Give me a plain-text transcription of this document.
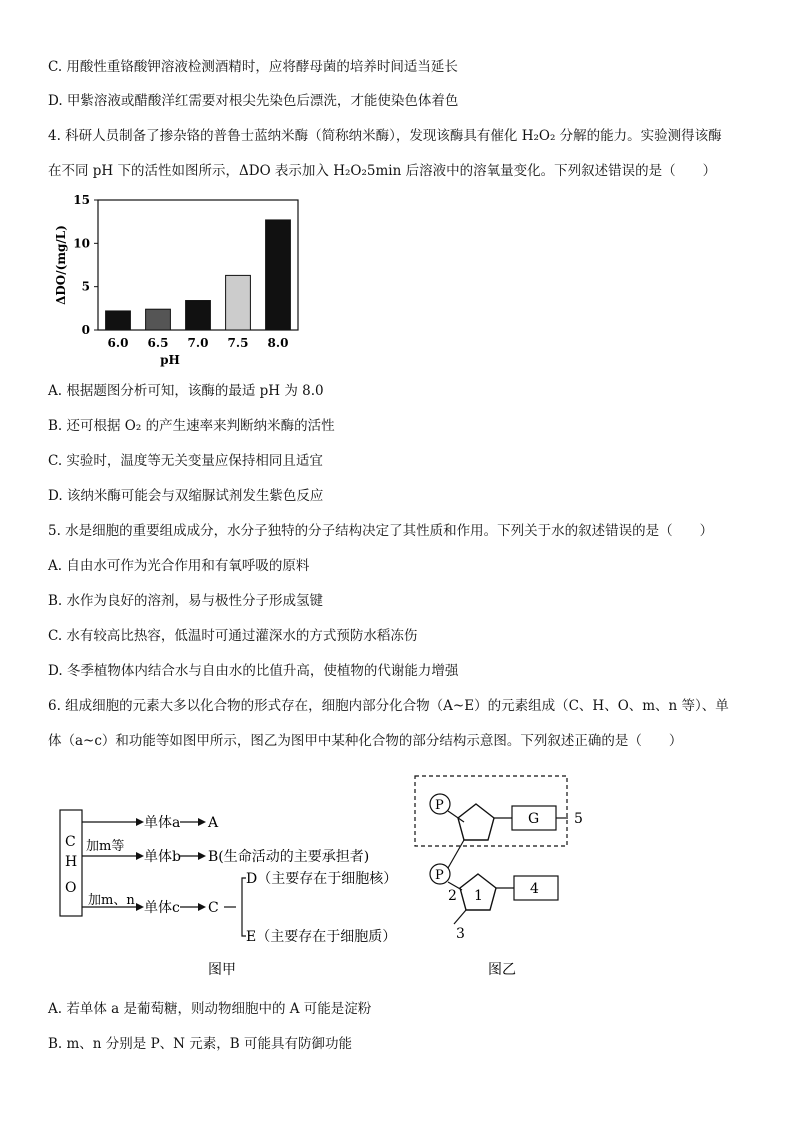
C. 用酸性重铬酸钾溶液检测酒精时，应将酵母菌的培养时间适当延长
D. 甲紫溶液或醋酸洋红需要对根尖先染色后漂洗，才能使染色体着色
4. 科研人员制备了掺杂铬的普鲁士蓝纳米酶（简称纳米酶），发现该酶具有催化 H₂O₂ 分解的能力。实验测得该酶
在不同 pH 下的活性如图所示，ΔDO 表示加入 H₂O₂5min 后溶液中的溶氧量变化。下列叙述错误的是（　　）
0
5
10
15
6.0 6.5 7.0 7.5 8.0
pH
ΔDO/(mg/L)
A. 根据题图分析可知，该酶的最适 pH 为 8.0
B. 还可根据 O₂ 的产生速率来判断纳米酶的活性
C. 实验时，温度等无关变量应保持相同且适宜
D. 该纳米酶可能会与双缩脲试剂发生紫色反应
5. 水是细胞的重要组成成分，水分子独特的分子结构决定了其性质和作用。下列关于水的叙述错误的是（　　）
A. 自由水可作为光合作用和有氧呼吸的原料
B. 水作为良好的溶剂，易与极性分子形成氢键
C. 水有较高比热容，低温时可通过灌深水的方式预防水稻冻伤
D. 冬季植物体内结合水与自由水的比值升高，使植物的代谢能力增强
6. 组成细胞的元素大多以化合物的形式存在，细胞内部分化合物（A~E）的元素组成（C、H、O、m、n 等）、单
体（a~c）和功能等如图甲所示，图乙为图甲中某种化合物的部分结构示意图。下列叙述正确的是（　　）
C
H
O
单体a A
加m等
单体b B(生命活动的主要承担者)
加m、n 单体c C
D（主要存在于细胞核）
E（主要存在于细胞质）
图甲
P
G 5
P
2 1	4
3
图乙
A. 若单体 a 是葡萄糖，则动物细胞中的 A 可能是淀粉
B. m、n 分别是 P、N 元素，B 可能具有防御功能
